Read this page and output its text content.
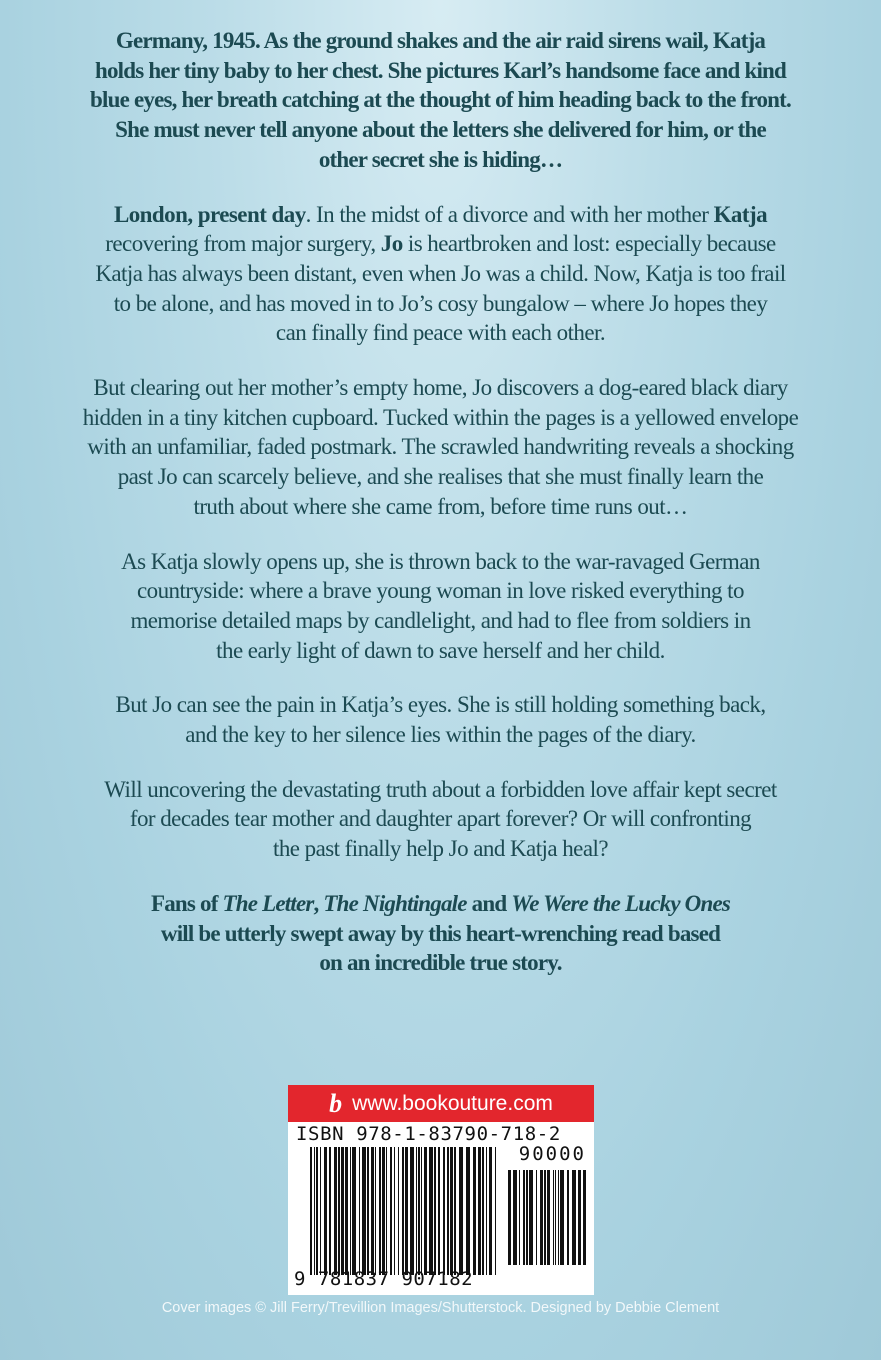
Germany, 1945. As the ground shakes and the air raid sirens wail, Katja
holds her tiny baby to her chest. She pictures Karl’s handsome face and kind
blue eyes, her breath catching at the thought of him heading back to the front.
She must never tell anyone about the letters she delivered for him, or the
other secret she is hiding…
London, present day. In the midst of a divorce and with her mother Katja
recovering from major surgery, Jo is heartbroken and lost: especially because
Katja has always been distant, even when Jo was a child. Now, Katja is too frail
to be alone, and has moved in to Jo’s cosy bungalow – where Jo hopes they
can finally find peace with each other.
But clearing out her mother’s empty home, Jo discovers a dog-eared black diary
hidden in a tiny kitchen cupboard. Tucked within the pages is a yellowed envelope
with an unfamiliar, faded postmark. The scrawled handwriting reveals a shocking
past Jo can scarcely believe, and she realises that she must finally learn the
truth about where she came from, before time runs out…
As Katja slowly opens up, she is thrown back to the war-ravaged German
countryside: where a brave young woman in love risked everything to
memorise detailed maps by candlelight, and had to flee from soldiers in
the early light of dawn to save herself and her child.
But Jo can see the pain in Katja’s eyes. She is still holding something back,
and the key to her silence lies within the pages of the diary.
Will uncovering the devastating truth about a forbidden love affair kept secret
for decades tear mother and daughter apart forever? Or will confronting
the past finally help Jo and Katja heal?
Fans of The Letter, The Nightingale and We Were the Lucky Ones
will be utterly swept away by this heart-wrenching read based
on an incredible true story.
b www.bookouture.com
ISBN 978-1-83790-718-2
90000
9 781837 907182
Cover images © Jill Ferry/Trevillion Images/Shutterstock. Designed by Debbie Clement
